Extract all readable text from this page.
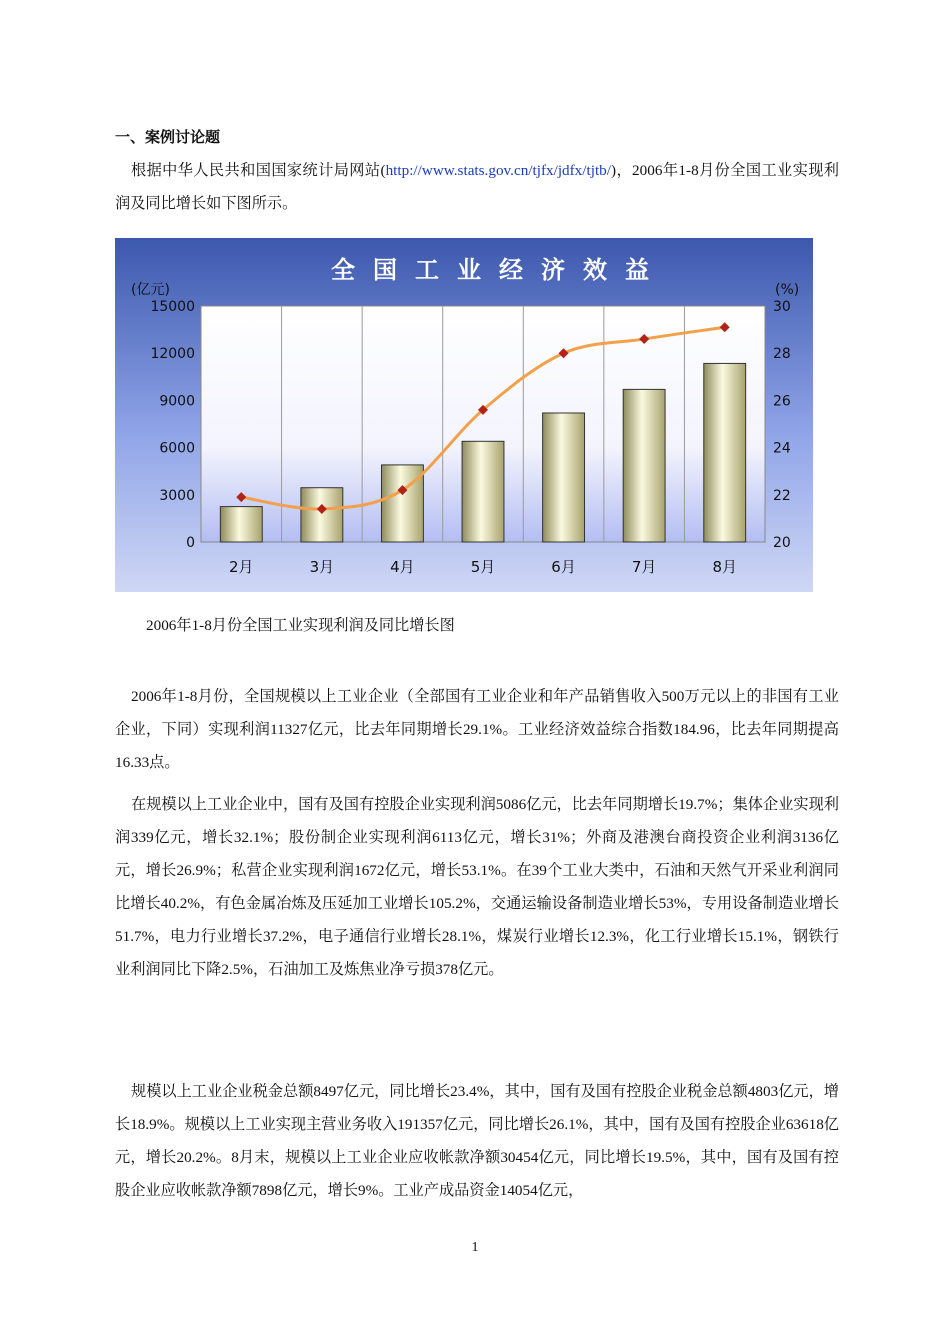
一、案例讨论题
根据中华人民共和国国家统计局网站(http://www.stats.gov.cn/tjfx/jdfx/tjtb/)，2006年1-8月份全国工业实现利润及同比增长如下图所示。
全国工业经济效益
(亿元)	(%)
15000
12000
9000
6000
3000
0
30
28
26
24
22
20
2月	3月	4月	5月	6月	7月	8月
2006年1-8月份全国工业实现利润及同比增长图
2006年1-8月份，全国规模以上工业企业（全部国有工业企业和年产品销售收入500万元以上的非国有工业企业，下同）实现利润11327亿元，比去年同期增长29.1%。工业经济效益综合指数184.96，比去年同期提高16.33点。
在规模以上工业企业中，国有及国有控股企业实现利润5086亿元，比去年同期增长19.7%；集体企业实现利润339亿元，增长32.1%；股份制企业实现利润6113亿元，增长31%；外商及港澳台商投资企业利润3136亿元，增长26.9%；私营企业实现利润1672亿元，增长53.1%。在39个工业大类中，石油和天然气开采业利润同比增长40.2%，有色金属冶炼及压延加工业增长105.2%，交通运输设备制造业增长53%，专用设备制造业增长51.7%，电力行业增长37.2%，电子通信行业增长28.1%，煤炭行业增长12.3%，化工行业增长15.1%，钢铁行业利润同比下降2.5%，石油加工及炼焦业净亏损378亿元。
规模以上工业企业税金总额8497亿元，同比增长23.4%，其中，国有及国有控股企业税金总额4803亿元，增长18.9%。规模以上工业实现主营业务收入191357亿元，同比增长26.1%，其中，国有及国有控股企业63618亿元，增长20.2%。8月末，规模以上工业企业应收帐款净额30454亿元，同比增长19.5%，其中，国有及国有控股企业应收帐款净额7898亿元，增长9%。工业产成品资金14054亿元，
1
